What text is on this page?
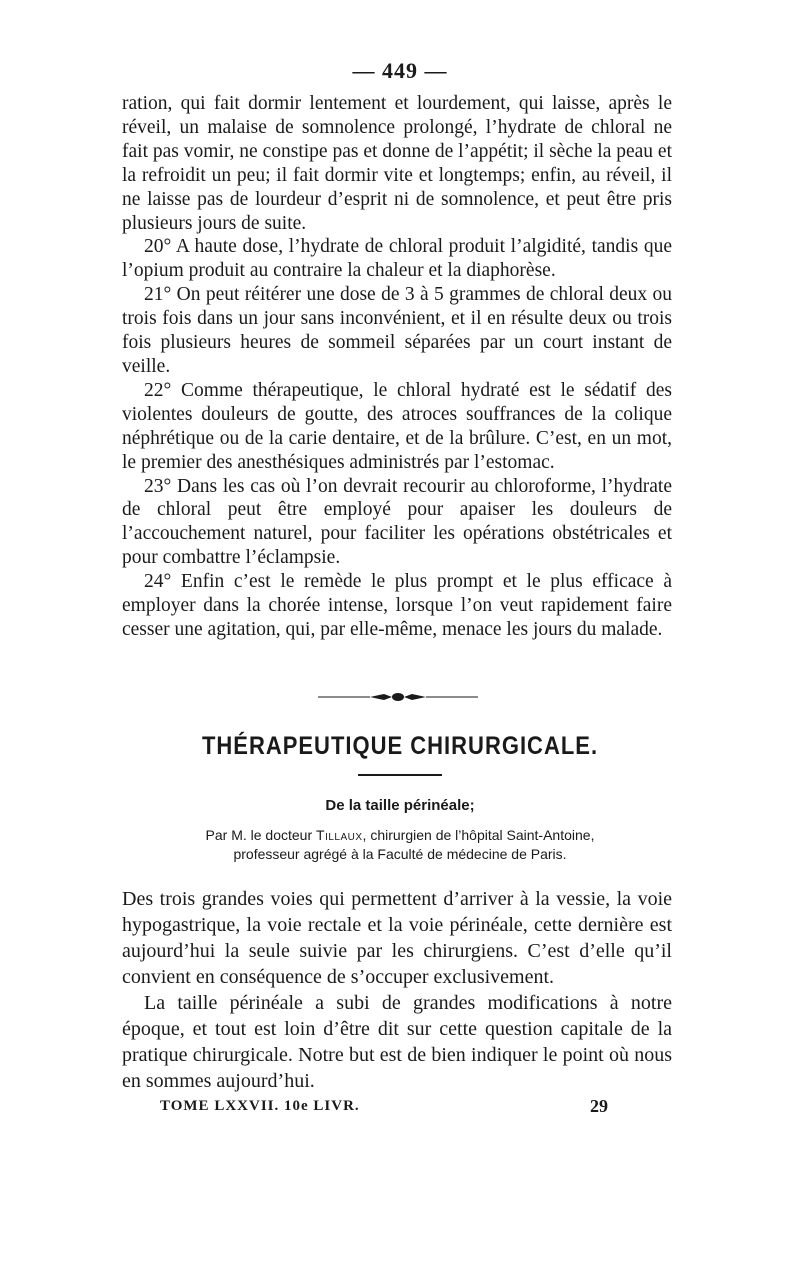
— 449 —

ration, qui fait dormir lentement et lourdement, qui laisse, après le réveil, un malaise de somnolence prolongé, l’hydrate de chloral ne fait pas vomir, ne constipe pas et donne de l’appétit; il sèche la peau et la refroidit un peu; il fait dormir vite et longtemps; enfin, au réveil, il ne laisse pas de lourdeur d’esprit ni de somnolence, et peut être pris plusieurs jours de suite.

20° A haute dose, l’hydrate de chloral produit l’algidité, tandis que l’opium produit au contraire la chaleur et la diaphorèse.

21° On peut réitérer une dose de 3 à 5 grammes de chloral deux ou trois fois dans un jour sans inconvénient, et il en résulte deux ou trois fois plusieurs heures de sommeil séparées par un court instant de veille.

22° Comme thérapeutique, le chloral hydraté est le sédatif des violentes douleurs de goutte, des atroces souffrances de la colique néphrétique ou de la carie dentaire, et de la brûlure. C’est, en un mot, le premier des anesthésiques administrés par l’estomac.

23° Dans les cas où l’on devrait recourir au chloroforme, l’hydrate de chloral peut être employé pour apaiser les douleurs de l’accouchement naturel, pour faciliter les opérations obstétricales et pour combattre l’éclampsie.

24° Enfin c’est le remède le plus prompt et le plus efficace à employer dans la chorée intense, lorsque l’on veut rapidement faire cesser une agitation, qui, par elle-même, menace les jours du malade.

THÉRAPEUTIQUE CHIRURGICALE.
De la taille périnéale;
Par M. le docteur Tillaux, chirurgien de l’hôpital Saint-Antoine,
professeur agrégé à la Faculté de médecine de Paris.

Des trois grandes voies qui permettent d’arriver à la vessie, la voie hypogastrique, la voie rectale et la voie périnéale, cette dernière est aujourd’hui la seule suivie par les chirurgiens. C’est d’elle qu’il convient en conséquence de s’occuper exclusivement.

La taille périnéale a subi de grandes modifications à notre époque, et tout est loin d’être dit sur cette question capitale de la pratique chirurgicale. Notre but est de bien indiquer le point où nous en sommes aujourd’hui.

TOME LXXVII. 10e LIVR.	29
